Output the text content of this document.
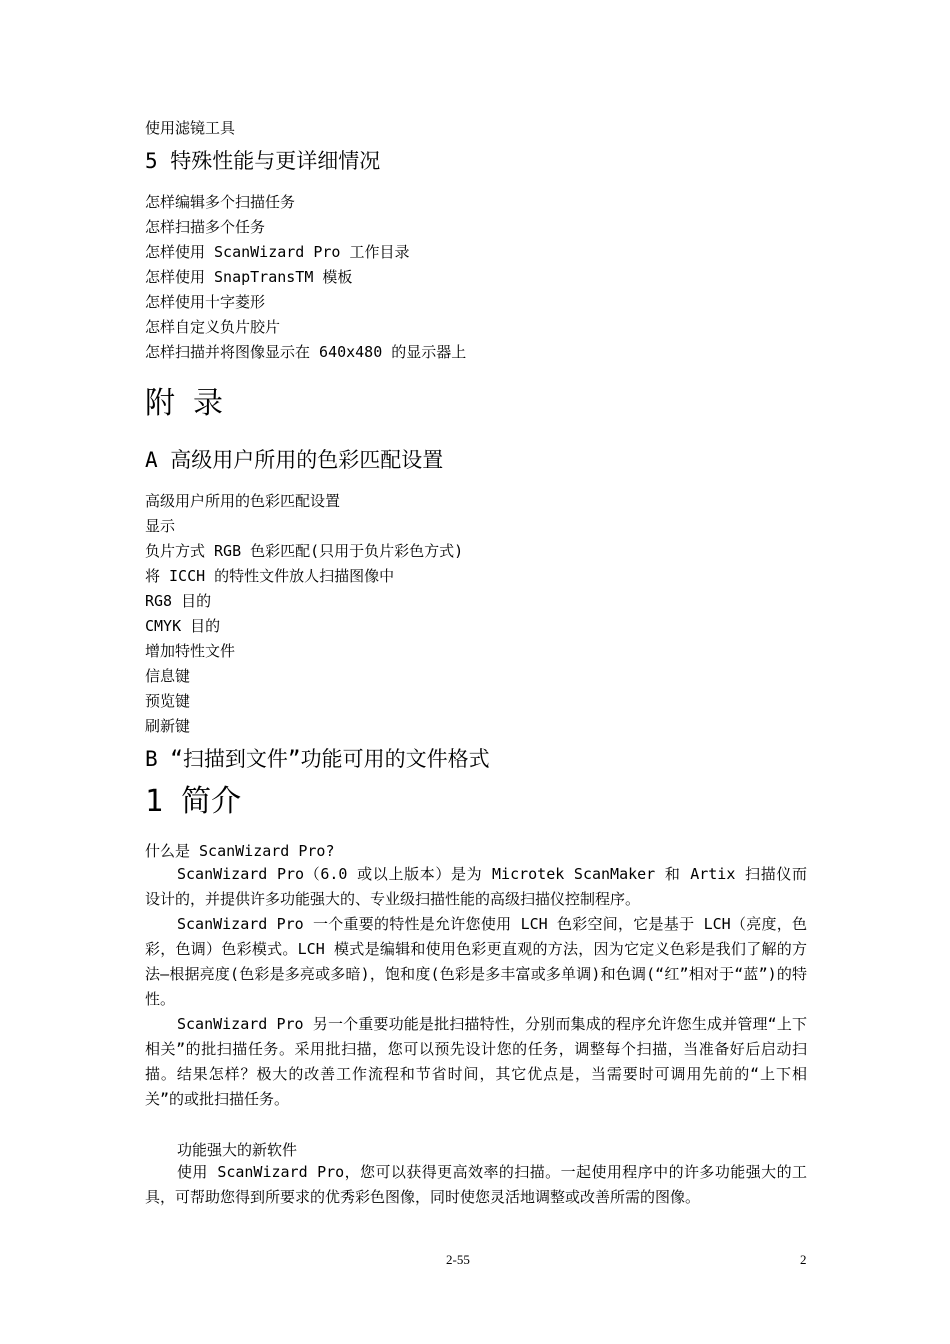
使用滤镜工具
5 特殊性能与更详细情况
怎样编辑多个扫描任务
怎样扫描多个任务
怎样使用 ScanWizard Pro 工作目录
怎样使用 SnapTransTM 模板
怎样使用十字菱形
怎样自定义负片胶片
怎样扫描并将图像显示在 640x480 的显示器上
附 录
A 高级用户所用的色彩匹配设置
高级用户所用的色彩匹配设置
显示
负片方式 RGB 色彩匹配(只用于负片彩色方式)
将 ICCH 的特性文件放人扫描图像中
RG8 目的
CMYK 目的
增加特性文件
信息键
预览键
刷新键
B “扫描到文件”功能可用的文件格式
1 简介
什么是 ScanWizard Pro?
ScanWizard Pro（6.0 或以上版本）是为 Microtek ScanMaker 和 Artix 扫描仪而设计的，并提供许多功能强大的、专业级扫描性能的高级扫描仪控制程序。
ScanWizard Pro 一个重要的特性是允许您使用 LCH 色彩空间，它是基于 LCH（亮度，色彩，色调）色彩模式。LCH 模式是编辑和使用色彩更直观的方法，因为它定义色彩是我们了解的方法—根据亮度(色彩是多亮或多暗)，饱和度(色彩是多丰富或多单调)和色调(“红”相对于“蓝”)的特性。
ScanWizard Pro 另一个重要功能是批扫描特性，分别而集成的程序允许您生成并管理“上下相关”的批扫描任务。采用批扫描，您可以预先设计您的任务，调整每个扫描，当准备好后启动扫描。结果怎样？极大的改善工作流程和节省时间，其它优点是，当需要时可调用先前的“上下相关”的或批扫描任务。
功能强大的新软件
使用 ScanWizard Pro，您可以获得更高效率的扫描。一起使用程序中的许多功能强大的工具，可帮助您得到所要求的优秀彩色图像，同时使您灵活地调整或改善所需的图像。
2-55	2
